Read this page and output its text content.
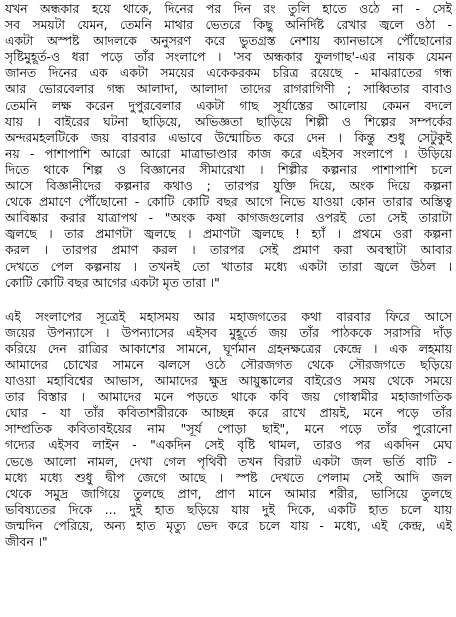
যখন অন্ধকার হয়ে থাকে, দিনের পর দিন রং তুলি হাতে ওঠে না - সেই
সব সময়টা যেমন, তেমনি মাথার ভেতরে কিছু অনির্দিষ্ট রেখার জ্বলে ওঠা -
একটা অস্পষ্ট আদলকে অনুসরণ করে ভুতগ্রস্ত নেশায় ক্যানভাসে পৌঁছোনোর
সৃষ্টিমুহূর্ত-ও ধরা পড়ে তাঁর সংলাপে । 'সব অন্ধকার ফুলগাছ'-এর নায়ক যেমন
জানত দিনের এক একটা সময়ের একেকরকম চরিত্র রয়েছে - মাঝরাতের গন্ধ
আর ভোরবেলার গন্ধ আলাদা, আলাদা তাদের রাগরাগিণী ; সাধ্বিতার বাবাও
তেমনি লক্ষ করেন দুপুরবেলার একটা গাছ সূর্যাস্তের আলোয় কেমন বদলে
যায় । বাইরের ঘটনা ছাড়িয়ে, অভিজ্ঞতা ছাড়িয়ে শিল্পী ও শিল্পের সম্পর্কের
অন্দরমহলটিকে জয় বারবার এভাবে উন্মোচিত করে দেন । কিন্তু শুধু সেটুকুই
নয় - পাশাপাশি আরো আরো মাত্রাভাণ্ডার কাজ করে এইসব সংলাপে । উড়িয়ে
দিতে থাকে শিল্প ও বিজ্ঞানের সীমারেখা । শিল্পীর কল্পনার পাশাপাশি চলে
আসে বিজ্ঞানীদের কল্পনার কথাও ; তারপর যুক্তি দিয়ে, অংক দিয়ে কল্পনা
থেকে প্রমাণে পৌঁছোনো - কোটি কোটি বছর আগে নিভে যাওয়া কোন তারার অস্তিত্ব
আবিষ্কার করার যাত্রাপথ - "অংক কষা কাগজগুলোর ওপরই তো সেই তারাটা
জ্বলছে । তার প্রমাণটা জ্বলছে । প্রমাণটা জ্বলছে ! হ্যাঁ । প্রথমে ওরা কল্পনা
করল । তারপর প্রমাণ করল । তারপর সেই প্রমাণ করা অবস্থাটা আবার
দেখতে পেল কল্পনায় । তখনই তো খাতার মধ্যে একটা তারা জ্বলে উঠল ।
কোটি কোটি বছর আগের একটা মৃত তারা ।"
এই সংলাপের সূত্রেই মহাসময় আর মহাজগতের কথা বারবার ফিরে আসে
জয়ের উপন্যাসে । উপন্যাসের এইসব মুহূর্তে জয় তাঁর পাঠককে সরাসরি দাঁড়
করিয়ে দেন রাত্রির আকাশের সামনে, ঘূর্ণমান গ্রহনক্ষত্রের কেন্দ্রে । এক লহমায়
আমাদের চোখের সামনে ঝলসে ওঠে সৌরজগত থেকে সৌরজগতে ছড়িয়ে
যাওয়া মহাবিশ্বের আভাস, আমাদের ক্ষুদ্র আয়ুষ্কালের বাইরেও সময় থেকে সময়ে
তার বিস্তার । আমাদের মনে পড়তে থাকে কবি জয় গোস্বামীর মহাজাগতিক
ঘোর - যা তাঁর কবিতাশরীরকে আচ্ছন্ন করে রাখে প্রায়ই, মনে পড়ে তাঁর
সাম্প্রতিক কবিতাবইয়ের নাম "সূর্য পোড়া ছাই", মনে পড়ে তাঁর পুরোনো
গদ্যের এইসব লাইন - "একদিন সেই বৃষ্টি থামল, তারও পর একদিন মেঘ
ভেঙে আলো নামল, দেখা গেল পৃথিবী তখন বিরাট একটা জল ভর্তি বাটি -
মধ্যে মধ্যে শুধু দ্বীপ জেগে আছে । স্পষ্ট দেখতে পেলাম সেই আদি জল
থেকে সমুদ্র জাগিয়ে তুলছে প্রাণ, প্রাণ মানে আমার শরীর, ভাসিয়ে তুলছে
ভবিষ্যতের দিকে ... দুই হাত ছড়িয়ে যায় দুই দিকে, একটি হাত চলে যায়
জন্মদিন পেরিয়ে, অন্য হাত মৃত্যু ভেদ করে চলে যায় - মধ্যে, এই কেন্দ্র, এই
জীবন ।"
